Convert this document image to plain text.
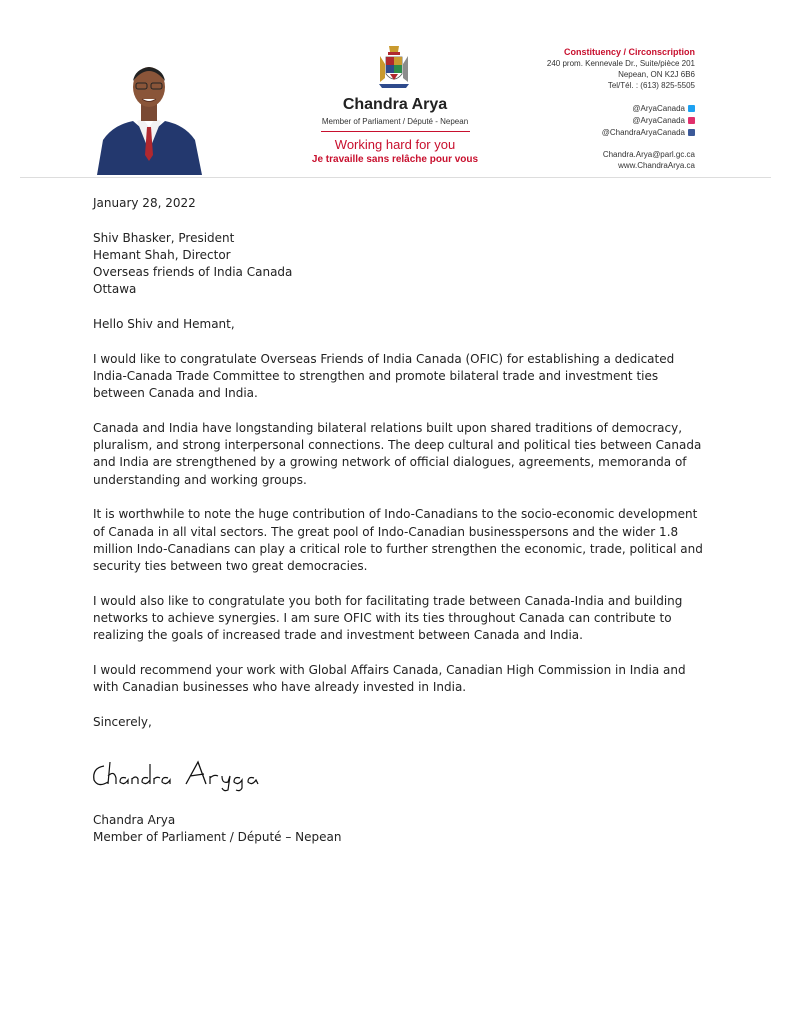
Chandra Arya
Member of Parliament / Député - Nepean
Working hard for you
Je travaille sans relâche pour vous
Constituency / Circonscription
240 prom. Kennevale Dr., Suite/pièce 201
Nepean, ON K2J 6B6
Tel/Tél. : (613) 825-5505
@AryaCanada
@AryaCanada
@ChandraAryaCanada
Chandra.Arya@parl.gc.ca
www.ChandraArya.ca

January 28, 2022

Shiv Bhasker, President

Hemant Shah, Director

Overseas friends of India Canada

Ottawa

Hello Shiv and Hemant,

I would like to congratulate Overseas Friends of India Canada (OFIC) for establishing a dedicated India-Canada Trade Committee to strengthen and promote bilateral trade and investment ties between Canada and India.

Canada and India have longstanding bilateral relations built upon shared traditions of democracy, pluralism, and strong interpersonal connections. The deep cultural and political ties between Canada and India are strengthened by a growing network of official dialogues, agreements, memoranda of understanding and working groups.

It is worthwhile to note the huge contribution of Indo-Canadians to the socio-economic development of Canada in all vital sectors. The great pool of Indo-Canadian businesspersons and the wider 1.8 million Indo-Canadians can play a critical role to further strengthen the economic, trade, political and security ties between two great democracies.

I would also like to congratulate you both for facilitating trade between Canada-India and building networks to achieve synergies. I am sure OFIC with its ties throughout Canada can contribute to realizing the goals of increased trade and investment between Canada and India.

I would recommend your work with Global Affairs Canada, Canadian High Commission in India and with Canadian businesses who have already invested in India.

Sincerely,

Chandra Arya
Member of Parliament / Député – Nepean
